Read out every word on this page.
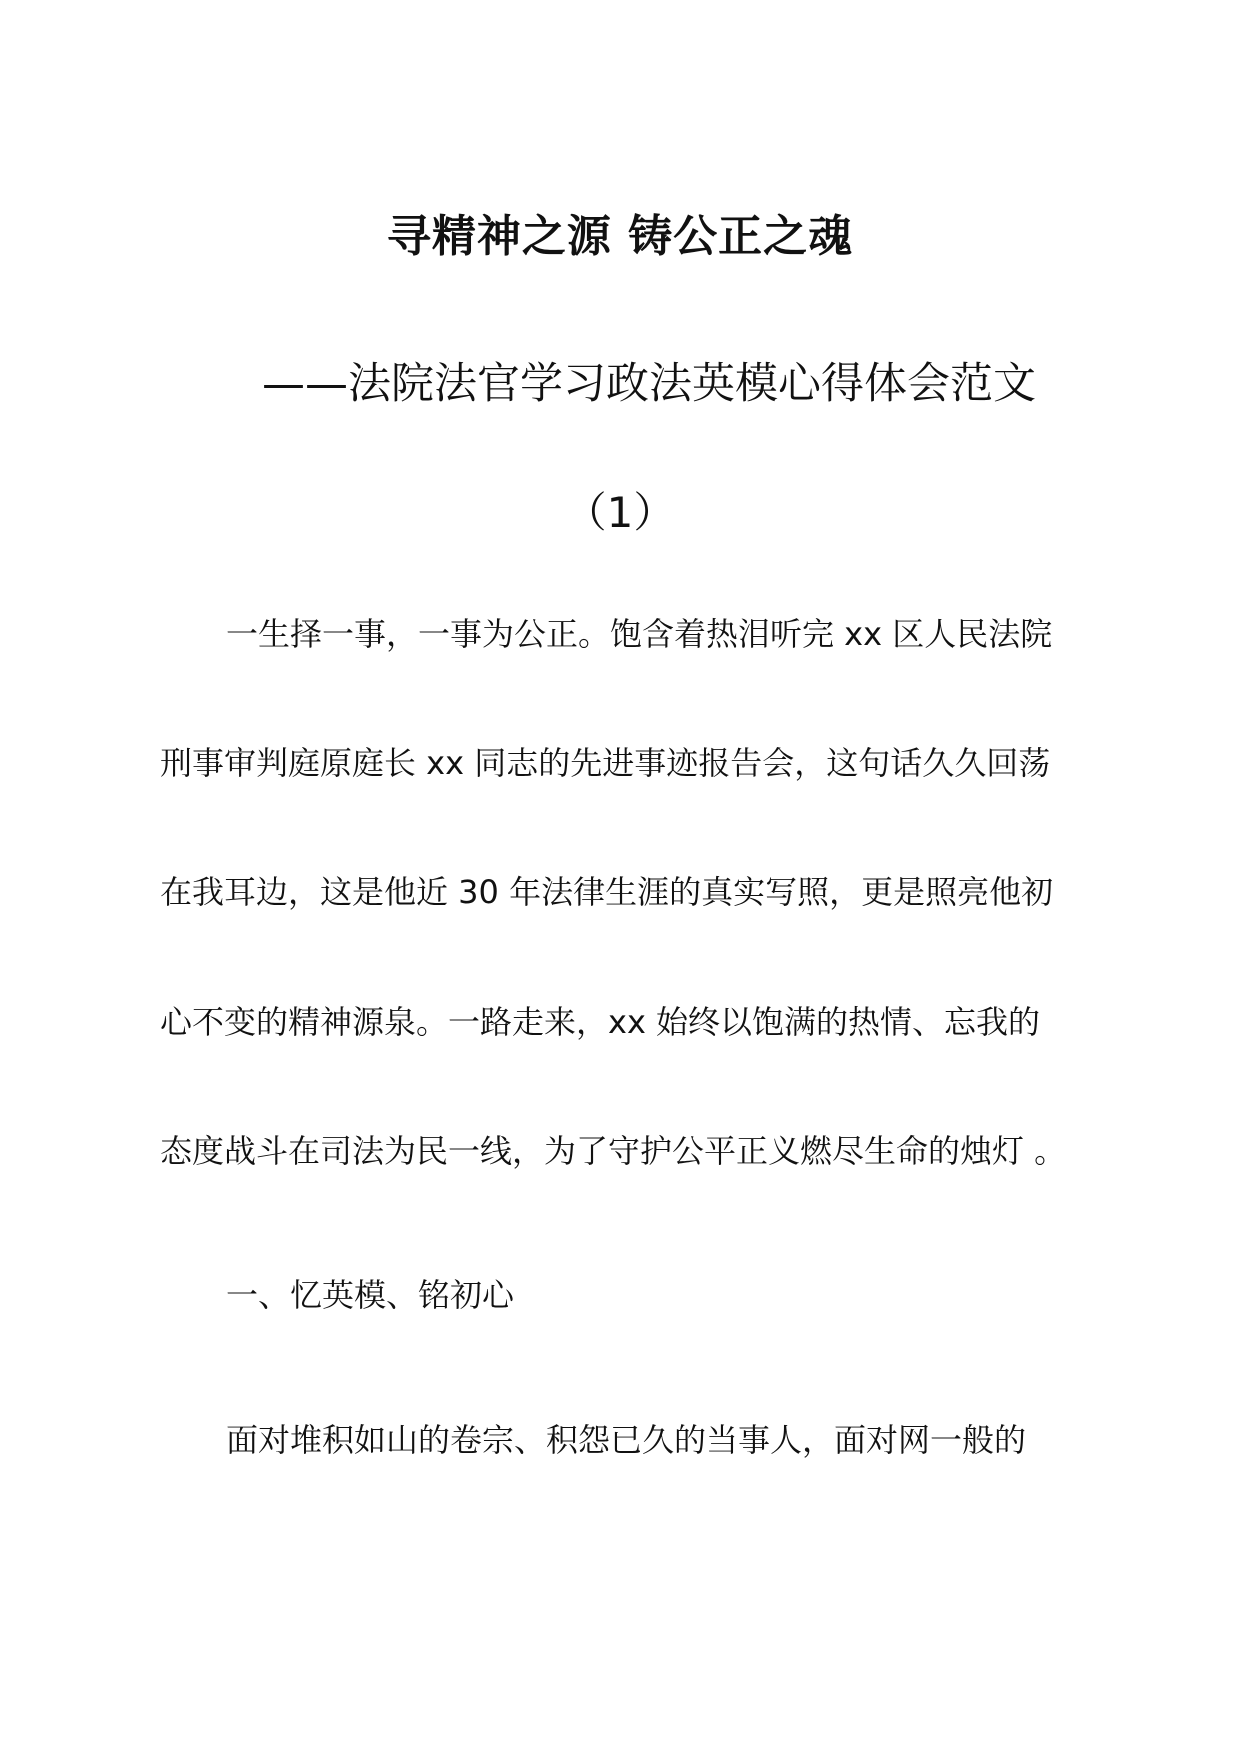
寻精神之源 铸公正之魂
——法院法官学习政法英模心得体会范文
（1）
一生择一事，一事为公正。饱含着热泪听完 xx 区人民法院
刑事审判庭原庭长 xx 同志的先进事迹报告会，这句话久久回荡
在我耳边，这是他近 30 年法律生涯的真实写照，更是照亮他初
心不变的精神源泉。一路走来，xx 始终以饱满的热情、忘我的
态度战斗在司法为民一线，为了守护公平正义燃尽生命的烛灯 。
一、忆英模、铭初心
面对堆积如山的卷宗、积怨已久的当事人，面对网一般的
